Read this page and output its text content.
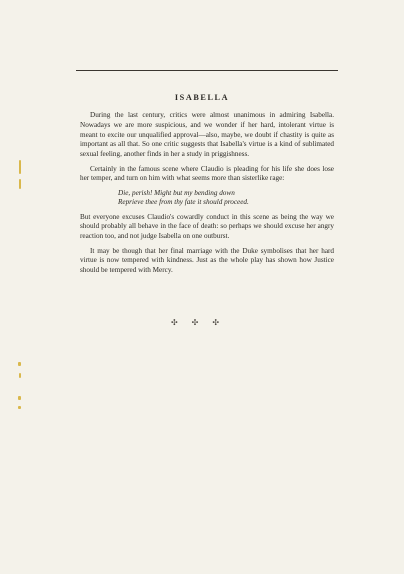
ISABELLA

During the last century, critics were almost unanimous in admiring Isabella. Nowadays we are more suspicious, and we wonder if her hard, intolerant virtue is meant to excite our unqualified approval—also, maybe, we doubt if chastity is quite as important as all that. So one critic suggests that Isabella's virtue is a kind of sublimated sexual feeling, another finds in her a study in priggishness.

Certainly in the famous scene where Claudio is pleading for his life she does lose her temper, and turn on him with what seems more than sisterlike rage:

Die, perish! Might but my bending down
Reprieve thee from thy fate it should proceed.

But everyone excuses Claudio's cowardly conduct in this scene as being the way we should probably all behave in the face of death: so perhaps we should excuse her angry reaction too, and not judge Isabella on one outburst.

It may be though that her final marriage with the Duke symbolises that her hard virtue is now tempered with kindness. Just as the whole play has shown how Justice should be tempered with Mercy.

✣✣✣
